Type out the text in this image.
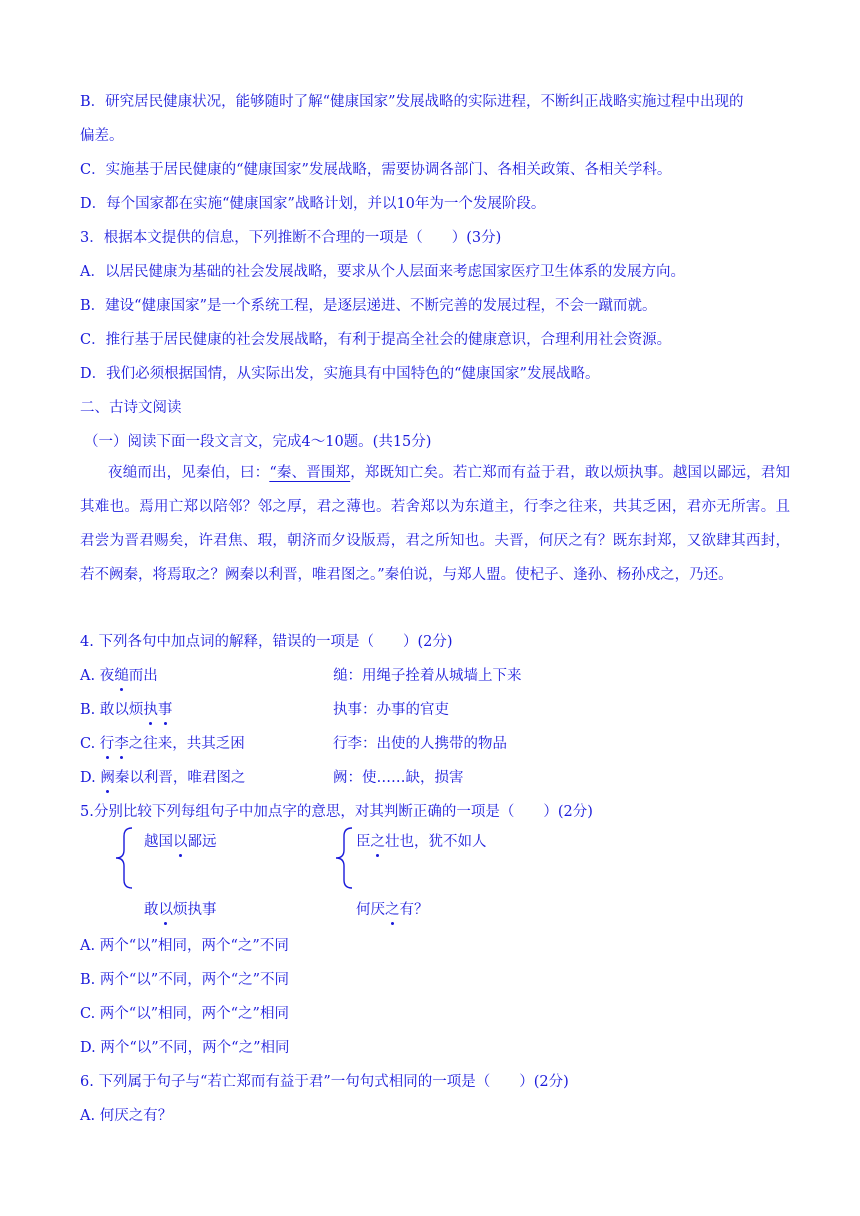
B．研究居民健康状况，能够随时了解“健康国家”发展战略的实际进程，不断纠正战略实施过程中出现的
偏差。
C．实施基于居民健康的“健康国家”发展战略，需要协调各部门、各相关政策、各相关学科。
D．每个国家都在实施“健康国家”战略计划，并以10年为一个发展阶段。
3．根据本文提供的信息，下列推断不合理的一项是（　　）(3分)
A．以居民健康为基础的社会发展战略，要求从个人层面来考虑国家医疗卫生体系的发展方向。
B．建设“健康国家”是一个系统工程，是逐层递进、不断完善的发展过程，不会一蹴而就。
C．推行基于居民健康的社会发展战略，有利于提高全社会的健康意识，合理利用社会资源。
D．我们必须根据国情，从实际出发，实施具有中国特色的“健康国家”发展战略。
二、古诗文阅读
（一）阅读下面一段文言文，完成4～10题。(共15分)
夜缒而出，见秦伯，曰：“秦、晋围郑，郑既知亡矣。若亡郑而有益于君，敢以烦执事。越国以鄙远，君知其难也。焉用亡郑以陪邻？邻之厚，君之薄也。若舍郑以为东道主，行李之往来，共其乏困，君亦无所害。且君尝为晋君赐矣，许君焦、瑕，朝济而夕设版焉，君之所知也。夫晋，何厌之有？既东封郑，又欲肆其西封，若不阙秦，将焉取之？阙秦以利晋，唯君图之。”秦伯说，与郑人盟。使杞子、逢孙、杨孙戍之，乃还。
4. 下列各句中加点词的解释，错误的一项是（　　）(2分)
A. 夜缒而出	缒：用绳子拴着从城墙上下来
B. 敢以烦执事	执事：办事的官吏
C. 行李之往来，共其乏困	行李：出使的人携带的物品
D. 阙秦以利晋，唯君图之	阙：使……缺，损害
5.分别比较下列每组句子中加点字的意思，对其判断正确的一项是（　　）(2分)
越国以鄙远
敢以烦执事
臣之壮也，犹不如人
何厌之有？
A. 两个“以”相同，两个“之”不同
B. 两个“以”不同，两个“之”不同
C. 两个“以”相同，两个“之”相同
D. 两个“以”不同，两个“之”相同
6. 下列属于句子与“若亡郑而有益于君”一句句式相同的一项是（　　）(2分)
A. 何厌之有？
